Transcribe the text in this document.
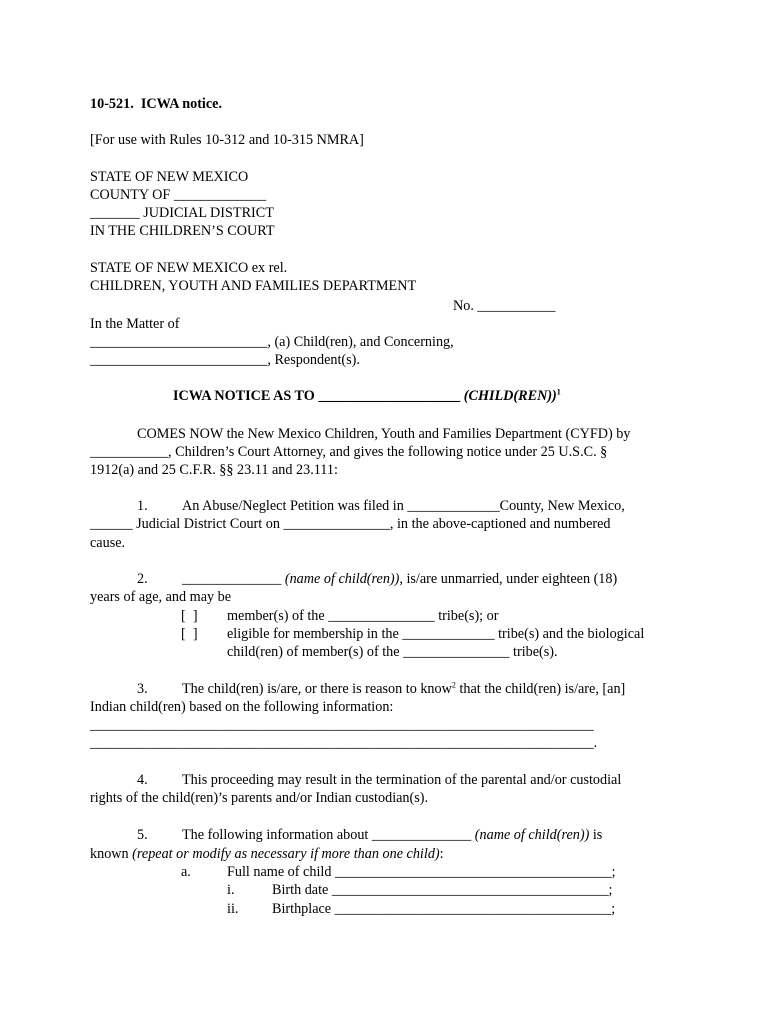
10-521.  ICWA notice.
[For use with Rules 10-312 and 10-315 NMRA]
STATE OF NEW MEXICO
COUNTY OF _____________
_______ JUDICIAL DISTRICT
IN THE CHILDREN’S COURT
STATE OF NEW MEXICO ex rel.
CHILDREN, YOUTH AND FAMILIES DEPARTMENT
No. ___________
In the Matter of
_________________________, (a) Child(ren), and Concerning,
_________________________, Respondent(s).
ICWA NOTICE AS TO ____________________ (CHILD(REN))$^1$
COMES NOW the New Mexico Children, Youth and Families Department (CYFD) by
___________, Children’s Court Attorney, and gives the following notice under 25 U.S.C. §
1912(a) and 25 C.F.R. §§ 23.11 and 23.111:
1. An Abuse/Neglect Petition was filed in _____________County, New Mexico,
______ Judicial District Court on _______________, in the above-captioned and numbered
cause.
2. ______________ (name of child(ren)), is/are unmarried, under eighteen (18)
years of age, and may be
[  ] member(s) of the _______________ tribe(s); or
[  ] eligible for membership in the _____________ tribe(s) and the biological
child(ren) of member(s) of the _______________ tribe(s).
3. The child(ren) is/are, or there is reason to know$^2$ that the child(ren) is/are, [an]
Indian child(ren) based on the following information:
_______________________________________________________________________
_______________________________________________________________________.
4. This proceeding may result in the termination of the parental and/or custodial
rights of the child(ren)’s parents and/or Indian custodian(s).
5. The following information about ______________ (name of child(ren)) is
known (repeat or modify as necessary if more than one child):
a.	Full name of child _______________________________________;
i.	Birth date _______________________________________;
ii. Birthplace _______________________________________;
